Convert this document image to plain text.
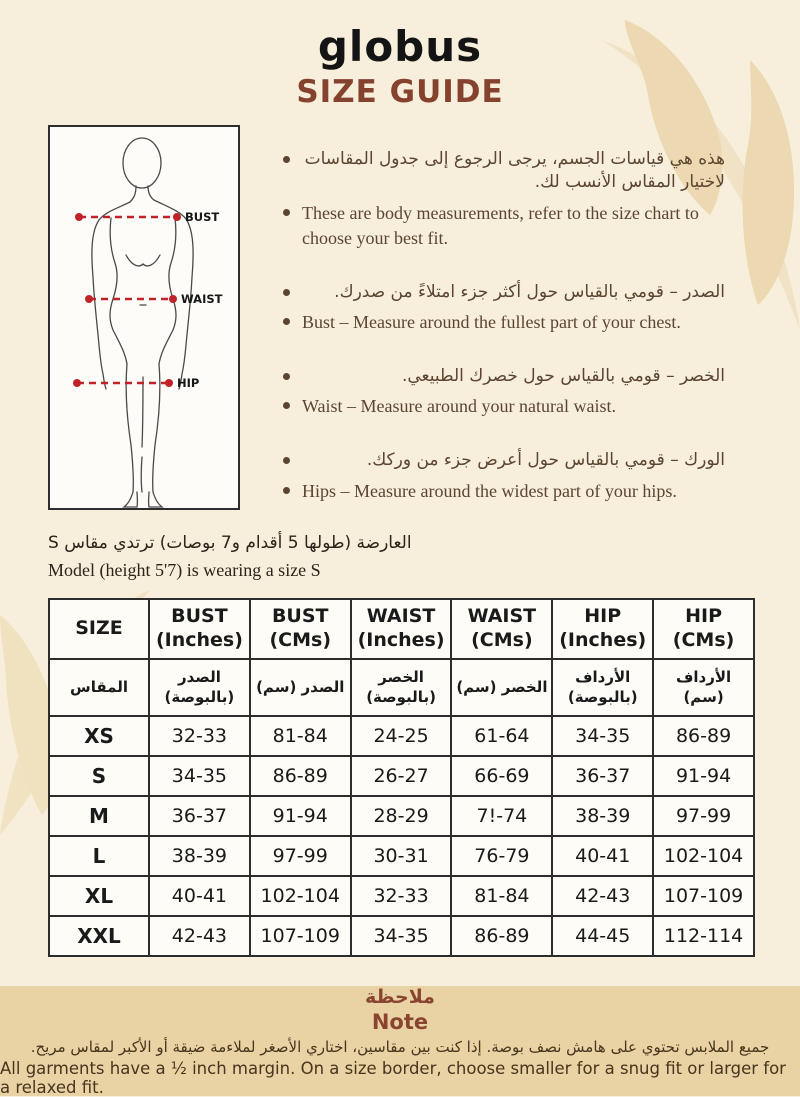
globus
SIZE GUIDE
BUST
WAIST
HIP
هذه هي قياسات الجسم، يرجى الرجوع إلى جدول المقاسات لاختيار المقاس الأنسب لك.
These are body measurements, refer to the size chart to choose your best fit.
الصدر – قومي بالقياس حول أكثر جزء امتلاءً من صدرك.
Bust – Measure around the fullest part of your chest.
الخصر – قومي بالقياس حول خصرك الطبيعي.
Waist – Measure around your natural waist.
الورك – قومي بالقياس حول أعرض جزء من وركك.
Hips – Measure around the widest part of your hips.
العارضة (طولها 5 أقدام و7 بوصات) ترتدي مقاس S
Model (height 5'7) is wearing a size S
SIZE	BUST (Inches)	BUST (CMs)	WAIST (Inches)	WAIST (CMs)	HIP (Inches)	HIP (CMs)
المقاس	الصدر (بالبوصة)	الصدر (سم)	الخصر (بالبوصة)	الخصر (سم)	الأرداف (بالبوصة)	الأرداف (سم)
XS	32-33	81-84	24-25	61-64	34-35	86-89
S	34-35	86-89	26-27	66-69	36-37	91-94
M	36-37	91-94	28-29	7!-74	38-39	97-99
L	38-39	97-99	30-31	76-79	40-41	102-104
XL	40-41	102-104	32-33	81-84	42-43	107-109
XXL	42-43	107-109	34-35	86-89	44-45	112-114
ملاحظة
Note
جميع الملابس تحتوي على هامش نصف بوصة. إذا كنت بين مقاسين، اختاري الأصغر لملاءمة ضيقة أو الأكبر لمقاس مريح.
All garments have a ½ inch margin. On a size border, choose smaller for a snug fit or larger for a relaxed fit.
